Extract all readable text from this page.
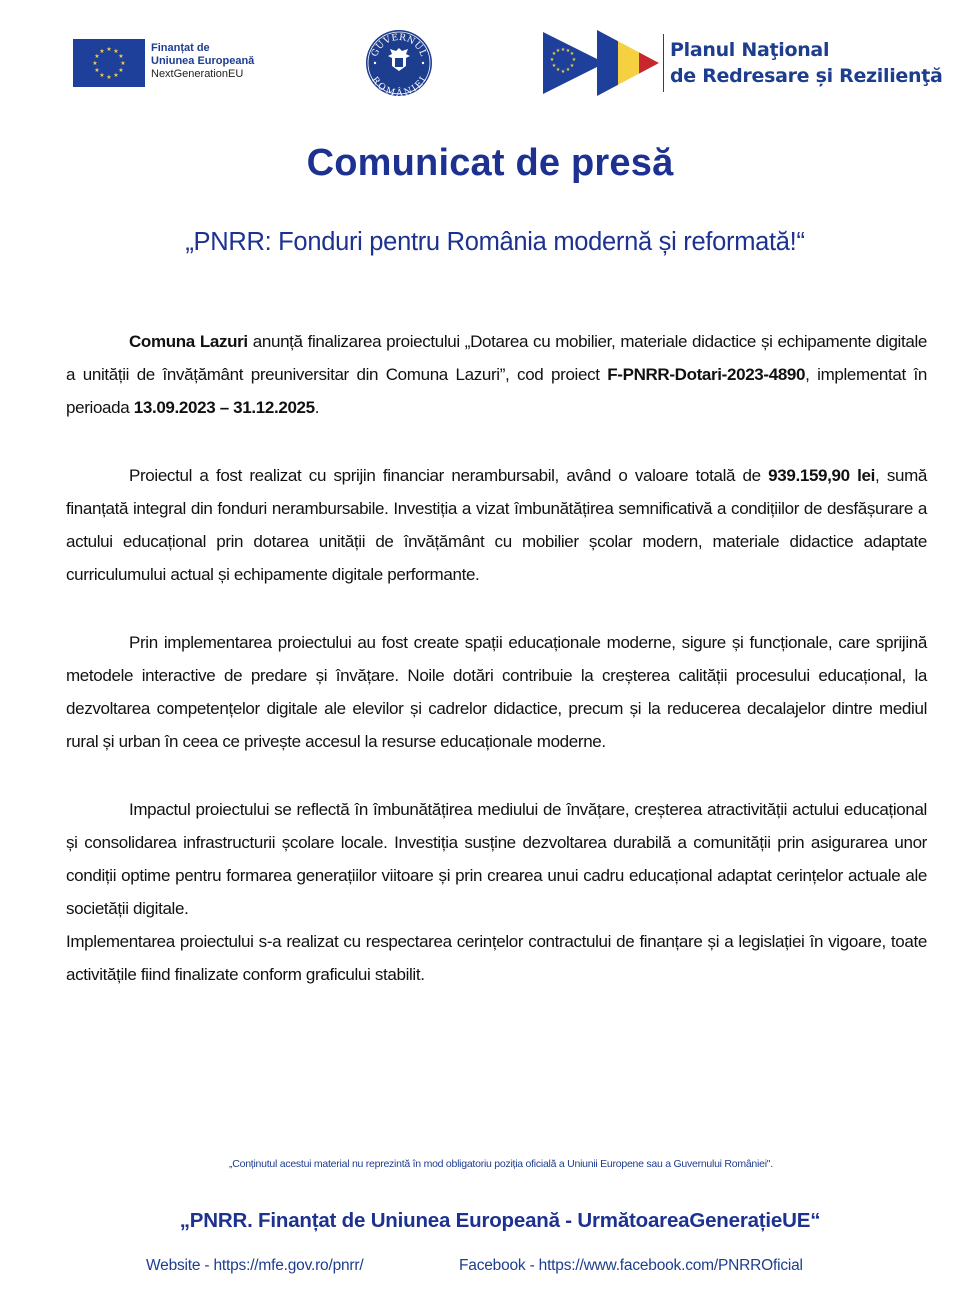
★ ★
★
★
★
★
★
★
★
★
★
★	Finanțat de
Uniunea Europeană
NextGenerationEU
GUVERNUL
ROMÂNIEI
★ ★ ★
★
★
★
★
★
★
★
★ ★	Planul Naţional
de Redresare și Rezilienţă
Comunicat de presă
„PNRR: Fonduri pentru România modernă și reformată!“

Comuna Lazuri anunță finalizarea proiectului „Dotarea cu mobilier, materiale didactice și echipamente digitale a unității de învățământ preuniversitar din Comuna Lazuri”, cod proiect F-PNRR-Dotari-2023-4890, implementat în perioada 13.09.2023 – 31.12.2025.

Proiectul a fost realizat cu sprijin financiar nerambursabil, având o valoare totală de 939.159,90 lei, sumă finanțată integral din fonduri nerambursabile. Investiția a vizat îmbunătățirea semnificativă a condițiilor de desfășurare a actului educațional prin dotarea unității de învățământ cu mobilier școlar modern, materiale didactice adaptate curriculumului actual și echipamente digitale performante.

Prin implementarea proiectului au fost create spații educaționale moderne, sigure și funcționale, care sprijină metodele interactive de predare și învățare. Noile dotări contribuie la creșterea calității procesului educațional, la dezvoltarea competențelor digitale ale elevilor și cadrelor didactice, precum și la reducerea decalajelor dintre mediul rural și urban în ceea ce privește accesul la resurse educaționale moderne.

Impactul proiectului se reflectă în îmbunătățirea mediului de învățare, creșterea atractivității actului educațional și consolidarea infrastructurii școlare locale. Investiția susține dezvoltarea durabilă a comunității prin asigurarea unor condiții optime pentru formarea generațiilor viitoare și prin crearea unui cadru educațional adaptat cerințelor actuale ale societății digitale.

Implementarea proiectului s-a realizat cu respectarea cerințelor contractului de finanțare și a legislației în vigoare, toate activitățile fiind finalizate conform graficului stabilit.

„Conținutul acestui material nu reprezintă în mod obligatoriu poziția oficială a Uniunii Europene sau a Guvernului României".
„PNRR. Finanțat de Uniunea Europeană - UrmătoareaGenerațieUE“
Website - https://mfe.gov.ro/pnrr/	Facebook - https://www.facebook.com/PNRROficial
